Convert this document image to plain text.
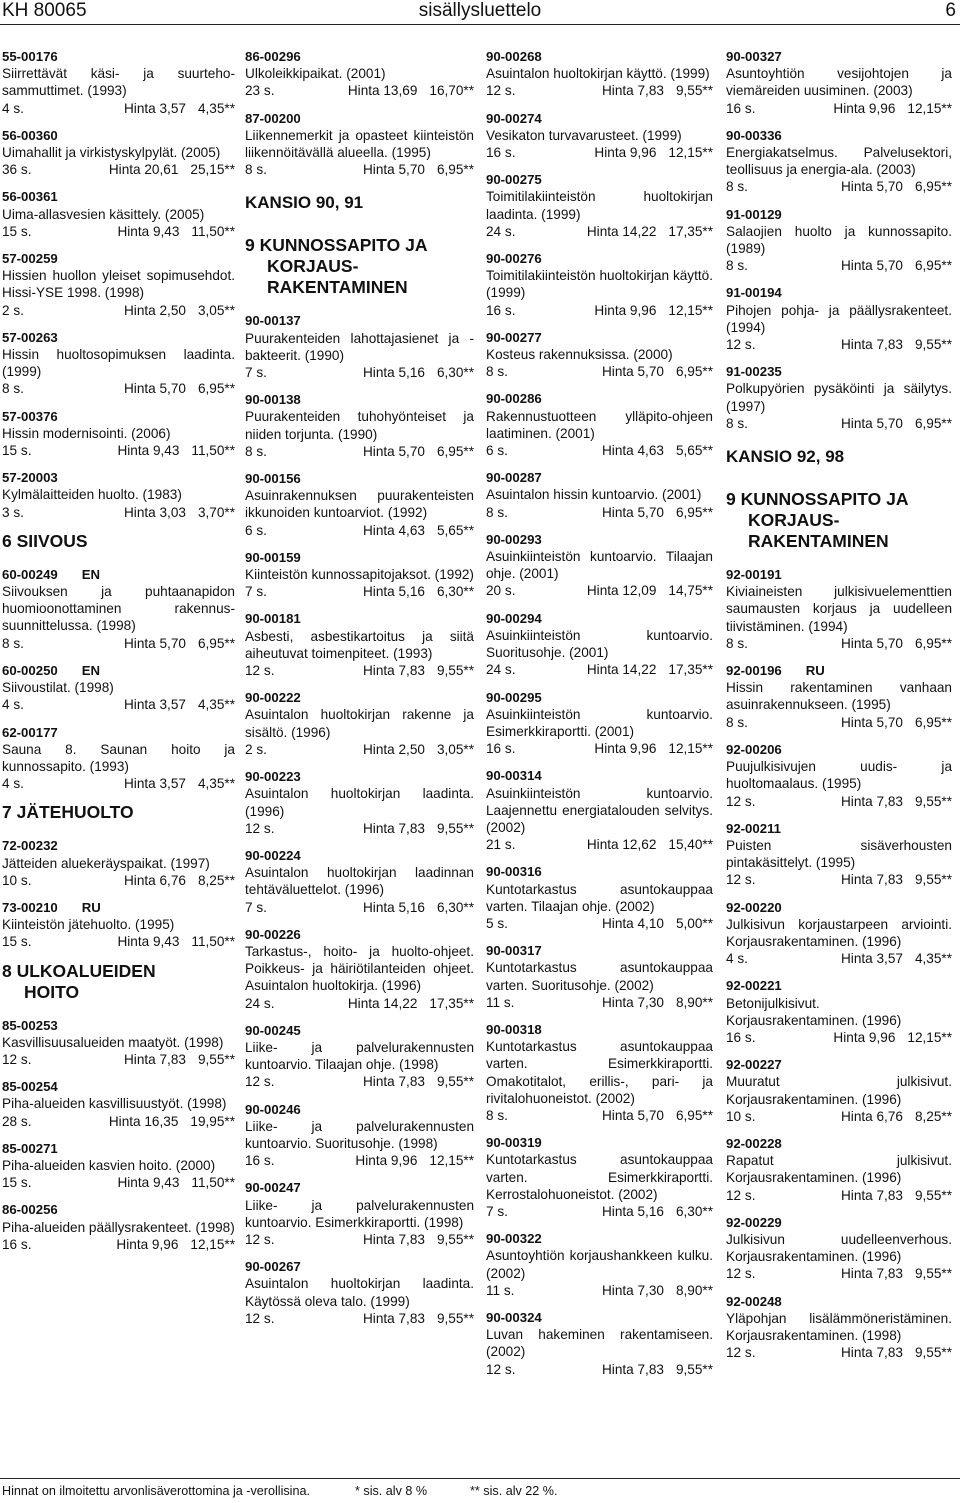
KH 80065	sisällysluettelo	6
55-00176
Siirrettävät käsi- ja suurteho-sammuttimet. (1993)
4 s.	Hinta 3,57 4,35**
56-00360
Uimahallit ja virkistyskylpylät. (2005)
36 s.	Hinta 20,61 25,15**
56-00361
Uima-allasvesien käsittely. (2005)
15 s.	Hinta 9,43 11,50**
57-00259
Hissien huollon yleiset sopimusehdot. Hissi-YSE 1998. (1998)
2 s.	Hinta 2,50 3,05**
57-00263
Hissin huoltosopimuksen laadinta. (1999)
8 s.	Hinta 5,70 6,95**
57-00376
Hissin modernisointi. (2006)
15 s.	Hinta 9,43 11,50**
57-20003
Kylmälaitteiden huolto. (1983)
3 s.	Hinta 3,03 3,70**
6 SIIVOUS
60-00249 EN
Siivouksen ja puhtaanapidon huomioonottaminen rakennus-suunnittelussa. (1998)
8 s.	Hinta 5,70 6,95**
60-00250 EN
Siivoustilat. (1998)
4 s.	Hinta 3,57 4,35**
62-00177
Sauna 8. Saunan hoito ja kunnossapito. (1993)
4 s.	Hinta 3,57 4,35**
7 JÄTEHUOLTO
72-00232
Jätteiden aluekeräyspaikat. (1997)
10 s.	Hinta 6,76 8,25**
73-00210 RU
Kiinteistön jätehuolto. (1995)
15 s.	Hinta 9,43 11,50**
8 ULKOALUEIDEN
HOITO
85-00253
Kasvillisuusalueiden maatyöt. (1998)
12 s.	Hinta 7,83 9,55**
85-00254
Piha-alueiden kasvillisuustyöt. (1998)
28 s.	Hinta 16,35 19,95**
85-00271
Piha-alueiden kasvien hoito. (2000)
15 s.	Hinta 9,43 11,50**
86-00256
Piha-alueiden päällysrakenteet. (1998)
16 s.	Hinta 9,96 12,15**
86-00296
Ulkoleikkipaikat. (2001)
23 s.	Hinta 13,69 16,70**
87-00200
Liikennemerkit ja opasteet kiinteistön liikennöitävällä alueella. (1995)
8 s.	Hinta 5,70 6,95**
KANSIO 90, 91
9 KUNNOSSAPITO JA
KORJAUS-
RAKENTAMINEN
90-00137
Puurakenteiden lahottajasienet ja -bakteerit. (1990)
7 s.	Hinta 5,16 6,30**
90-00138
Puurakenteiden tuhohyönteiset ja niiden torjunta. (1990)
8 s.	Hinta 5,70 6,95**
90-00156
Asuinrakennuksen puurakenteisten ikkunoiden kuntoarviot. (1992)
6 s.	Hinta 4,63 5,65**
90-00159
Kiinteistön kunnossapitojaksot. (1992)
7 s.	Hinta 5,16 6,30**
90-00181
Asbesti, asbestikartoitus ja siitä aiheutuvat toimenpiteet. (1993)
12 s.	Hinta 7,83 9,55**
90-00222
Asuintalon huoltokirjan rakenne ja sisältö. (1996)
2 s.	Hinta 2,50 3,05**
90-00223
Asuintalon huoltokirjan laadinta. (1996)
12 s.	Hinta 7,83 9,55**
90-00224
Asuintalon huoltokirjan laadinnan tehtäväluettelot. (1996)
7 s.	Hinta 5,16 6,30**
90-00226
Tarkastus-, hoito- ja huolto-ohjeet. Poikkeus- ja häiriötilanteiden ohjeet. Asuintalon huoltokirja. (1996)
24 s.	Hinta 14,22 17,35**
90-00245
Liike- ja palvelurakennusten kuntoarvio. Tilaajan ohje. (1998)
12 s.	Hinta 7,83 9,55**
90-00246
Liike- ja palvelurakennusten kuntoarvio. Suoritusohje. (1998)
16 s.	Hinta 9,96 12,15**
90-00247
Liike- ja palvelurakennusten kuntoarvio. Esimerkkiraportti. (1998)
12 s.	Hinta 7,83 9,55**
90-00267
Asuintalon huoltokirjan laadinta. Käytössä oleva talo. (1999)
12 s.	Hinta 7,83 9,55**
90-00268
Asuintalon huoltokirjan käyttö. (1999)
12 s.	Hinta 7,83 9,55**
90-00274
Vesikaton turvavarusteet. (1999)
16 s.	Hinta 9,96 12,15**
90-00275
Toimitilakiinteistön huoltokirjan laadinta. (1999)
24 s.	Hinta 14,22 17,35**
90-00276
Toimitilakiinteistön huoltokirjan käyttö. (1999)
16 s.	Hinta 9,96 12,15**
90-00277
Kosteus rakennuksissa. (2000)
8 s.	Hinta 5,70 6,95**
90-00286
Rakennustuotteen ylläpito-ohjeen laatiminen. (2001)
6 s.	Hinta 4,63 5,65**
90-00287
Asuintalon hissin kuntoarvio. (2001)
8 s.	Hinta 5,70 6,95**
90-00293
Asuinkiinteistön kuntoarvio. Tilaajan ohje. (2001)
20 s.	Hinta 12,09 14,75**
90-00294
Asuinkiinteistön kuntoarvio. Suoritusohje. (2001)
24 s.	Hinta 14,22 17,35**
90-00295
Asuinkiinteistön kuntoarvio. Esimerkkiraportti. (2001)
16 s.	Hinta 9,96 12,15**
90-00314
Asuinkiinteistön kuntoarvio. Laajennettu energiatalouden selvitys. (2002)
21 s.	Hinta 12,62 15,40**
90-00316
Kuntotarkastus asuntokauppaa varten. Tilaajan ohje. (2002)
5 s.	Hinta 4,10 5,00**
90-00317
Kuntotarkastus asuntokauppaa varten. Suoritusohje. (2002)
11 s.	Hinta 7,30 8,90**
90-00318
Kuntotarkastus asuntokauppaa varten. Esimerkkiraportti. Omakotitalot, erillis-, pari- ja rivitalohuoneistot. (2002)
8 s.	Hinta 5,70 6,95**
90-00319
Kuntotarkastus asuntokauppaa varten. Esimerkkiraportti. Kerrostalohuoneistot. (2002)
7 s.	Hinta 5,16 6,30**
90-00322
Asuntoyhtiön korjaushankkeen kulku. (2002)
11 s.	Hinta 7,30 8,90**
90-00324
Luvan hakeminen rakentamiseen. (2002)
12 s.	Hinta 7,83 9,55**
90-00327
Asuntoyhtiön vesijohtojen ja viemäreiden uusiminen. (2003)
16 s.	Hinta 9,96 12,15**
90-00336
Energiakatselmus. Palvelusektori, teollisuus ja energia-ala. (2003)
8 s.	Hinta 5,70 6,95**
91-00129
Salaojien huolto ja kunnossapito. (1989)
8 s.	Hinta 5,70 6,95**
91-00194
Pihojen pohja- ja päällysrakenteet. (1994)
12 s.	Hinta 7,83 9,55**
91-00235
Polkupyörien pysäköinti ja säilytys. (1997)
8 s.	Hinta 5,70 6,95**
KANSIO 92, 98
9 KUNNOSSAPITO JA
KORJAUS-
RAKENTAMINEN
92-00191
Kiviaineisten julkisivuelementtien saumausten korjaus ja uudelleen tiivistäminen. (1994)
8 s.	Hinta 5,70 6,95**
92-00196 RU
Hissin rakentaminen vanhaan asuinrakennukseen. (1995)
8 s.	Hinta 5,70 6,95**
92-00206
Puujulkisivujen uudis- ja huoltomaalaus. (1995)
12 s.	Hinta 7,83 9,55**
92-00211
Puisten sisäverhousten pintakäsittelyt. (1995)
12 s.	Hinta 7,83 9,55**
92-00220
Julkisivun korjaustarpeen arviointi. Korjausrakentaminen. (1996)
4 s.	Hinta 3,57 4,35**
92-00221
Betonijulkisivut. Korjausrakentaminen. (1996)
16 s.	Hinta 9,96 12,15**
92-00227
Muuratut julkisivut. Korjausrakentaminen. (1996)
10 s.	Hinta 6,76 8,25**
92-00228
Rapatut julkisivut. Korjausrakentaminen. (1996)
12 s.	Hinta 7,83 9,55**
92-00229
Julkisivun uudelleenverhous. Korjausrakentaminen. (1996)
12 s.	Hinta 7,83 9,55**
92-00248
Yläpohjan lisälämmöneristäminen. Korjausrakentaminen. (1998)
12 s.	Hinta 7,83 9,55**
Hinnat on ilmoitettu arvonlisäverottomina ja -verollisina.	* sis. alv 8 %	** sis. alv 22 %.
